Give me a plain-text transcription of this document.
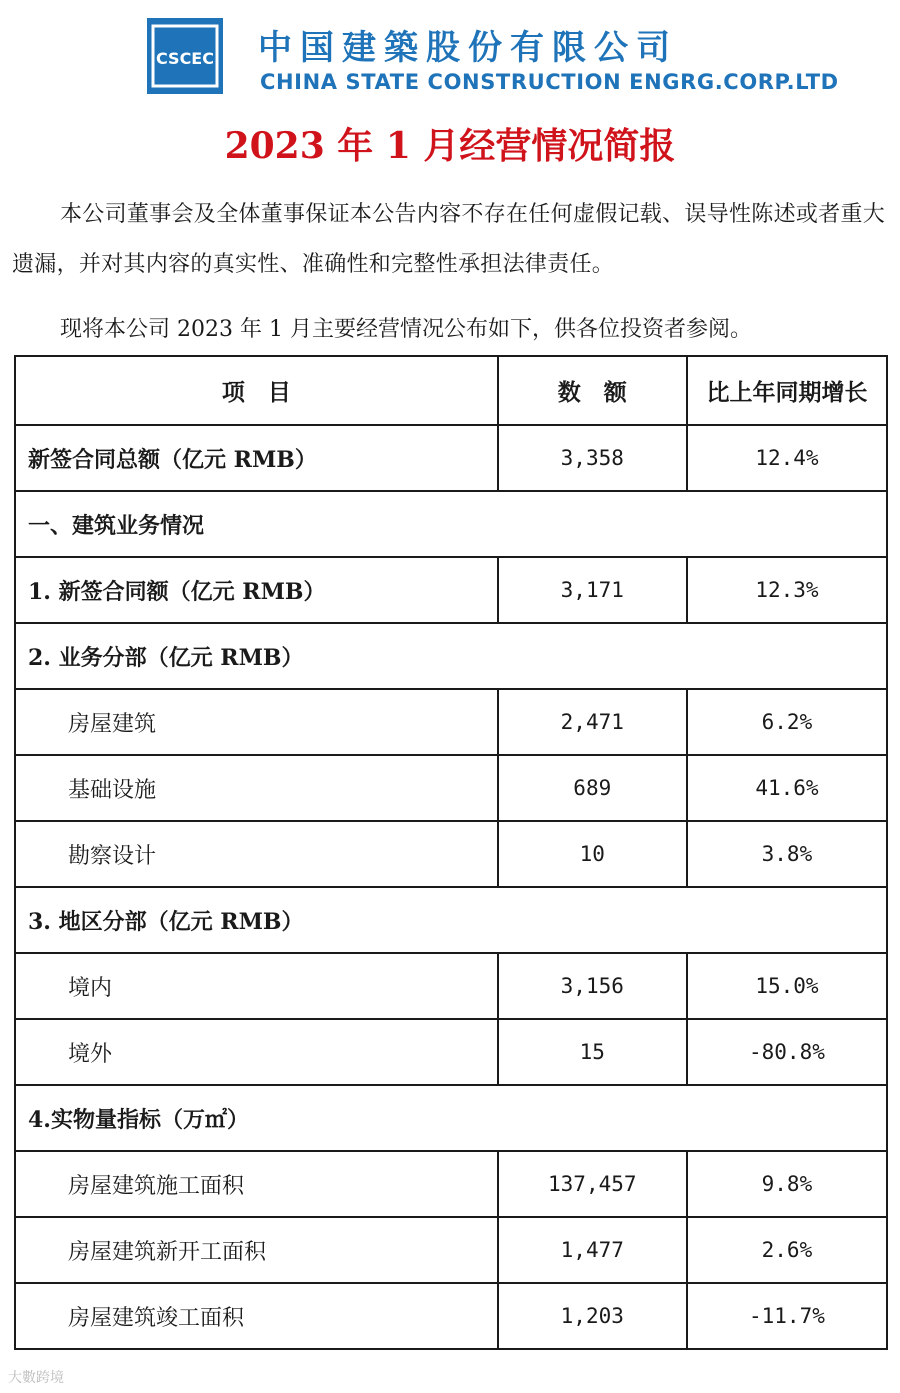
CSCEC 中国建築股份有限公司
CHINA STATE CONSTRUCTION ENGRG.CORP.LTD
2023 年 1 月经营情况简报
本公司董事会及全体董事保证本公告内容不存在任何虚假记载、误导性陈述或者重大遗漏，并对其内容的真实性、准确性和完整性承担法律责任。
现将本公司 2023 年 1 月主要经营情况公布如下，供各位投资者参阅。
项　目	数　额	比上年同期增长
新签合同总额（亿元 RMB）	3,358	12.4%
一、建筑业务情况		
1. 新签合同额（亿元 RMB）	3,171	12.3%
2. 业务分部（亿元 RMB）		
房屋建筑	2,471	6.2%
基础设施	689	41.6%
勘察设计	10	3.8%
3. 地区分部（亿元 RMB）		
境内	3,156	15.0%
境外	15	-80.8%
4.实物量指标（万㎡）		
房屋建筑施工面积	137,457	9.8%
房屋建筑新开工面积	1,477	2.6%
房屋建筑竣工面积	1,203	-11.7%
大數跨境
